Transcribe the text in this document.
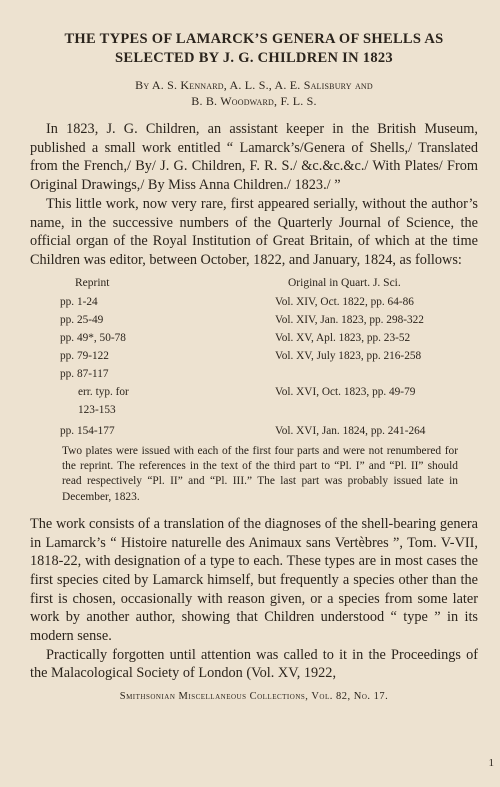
THE TYPES OF LAMARCK’S GENERA OF SHELLS AS
SELECTED BY J. G. CHILDREN IN 1823
By A. S. Kennard, A. L. S., A. E. Salisbury and
B. B. Woodward, F. L. S.

In 1823, J. G. Children, an assistant keeper in the British Museum, published a small work entitled “ Lamarck’s/Genera of Shells,/ Translated from the French,/ By/ J. G. Children, F. R. S./ &c.&c.&c./ With Plates/ From Original Drawings,/ By Miss Anna Children./ 1823./ ”

This little work, now very rare, first appeared serially, without the author’s name, in the successive numbers of the Quarterly Journal of Science, the official organ of the Royal Institution of Great Britain, of which at the time Children was editor, between October, 1822, and January, 1824, as follows:

Reprint	Original in Quart. J. Sci.
pp. 1-24	Vol. XIV, Oct. 1822, pp. 64-86
pp. 25-49	Vol. XIV, Jan. 1823, pp. 298-322
pp. 49*, 50-78	Vol. XV, Apl. 1823, pp. 23-52
pp. 79-122	Vol. XV, July 1823, pp. 216-258
pp. 87-117
err. typ. for	Vol. XVI, Oct. 1823, pp. 49-79
123-153
pp. 154-177	Vol. XVI, Jan. 1824, pp. 241-264

Two plates were issued with each of the first four parts and were not renumbered for the reprint. The references in the text of the third part to “Pl. I” and “Pl. II” should read respectively “Pl. II” and “Pl. III.” The last part was probably issued late in December, 1823.

The work consists of a translation of the diagnoses of the shell-bearing genera in Lamarck’s “ Histoire naturelle des Animaux sans Vertèbres ”, Tom. V-VII, 1818-22, with designation of a type to each. These types are in most cases the first species cited by Lamarck himself, but frequently a species other than the first is chosen, occasionally with reason given, or a species from some later work by another author, showing that Children understood “ type ” in its modern sense.

Practically forgotten until attention was called to it in the Proceedings of the Malacological Society of London (Vol. XV, 1922,

Smithsonian Miscellaneous Collections, Vol. 82, No. 17.
1
